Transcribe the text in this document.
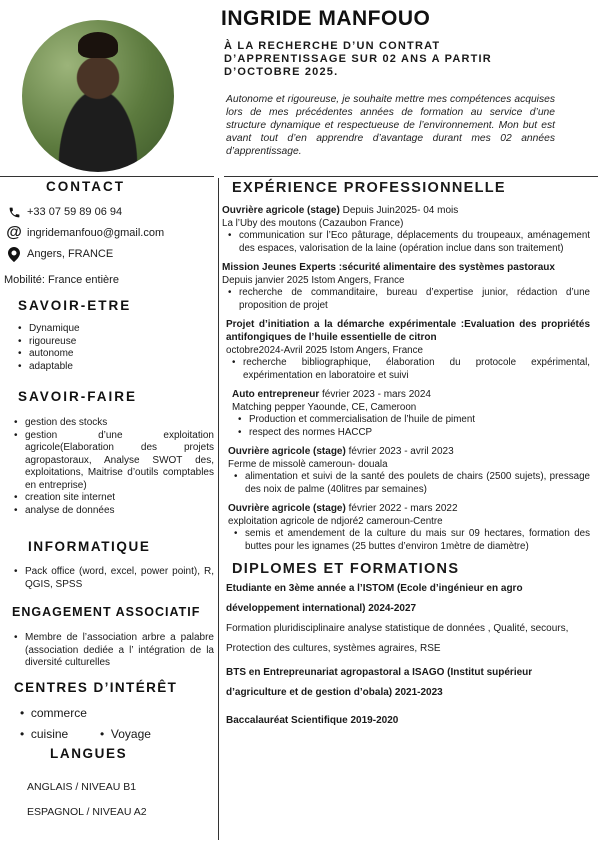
INGRIDE MANFOUO
À LA RECHERCHE D’UN CONTRAT D’APPRENTISSAGE SUR 02 ANS A PARTIR D’OCTOBRE 2025.
Autonome et rigoureuse, je souhaite mettre mes compétences acquises lors de mes précédentes années de formation au service d’une structure dynamique et respectueuse de l’environnement. Mon but est avant tout d’en apprendre d’avantage durant mes 02 années d’apprentissage.
CONTACT
+33 07 59 89 06 94
@ ingridemanfouo@gmail.com
Angers, FRANCE
Mobilité: France entière
SAVOIR-ETRE
• Dynamique
• rigoureuse
• autonome
• adaptable
SAVOIR-FAIRE
• gestion des stocks
• gestion d’une exploitation agricole(Elaboration des projets agropastoraux, Analyse SWOT des, exploitations, Maitrise d’outils comptables en entreprise)
• creation site internet
• analyse de données
INFORMATIQUE
• Pack office (word, excel, power point), R, QGIS, SPSS
ENGAGEMENT ASSOCIATIF
• Membre de l’association arbre a palabre (association dediée a l’ intégration de la diversité culturelles
CENTRES D’INTÉRÊT
•  commerce
•  cuisine	•  Voyage
LANGUES
ANGLAIS / NIVEAU B1
ESPAGNOL / NIVEAU A2
EXPÉRIENCE PROFESSIONNELLE
Ouvrière agricole (stage) Depuis Juin2025- 04 mois
La l’Uby des moutons (Cazaubon France)
• communication sur l’Eco pâturage, déplacements du troupeaux, aménagement des espaces, valorisation de la laine (opération inclue dans son traitement)
Mission Jeunes Experts :sécurité alimentaire des systèmes pastoraux
Depuis janvier 2025 Istom Angers, France
• recherche de commanditaire, bureau d’expertise junior, rédaction d’une proposition de projet
Projet d’initiation a la démarche expérimentale :Evaluation des propriétés antifongiques de l’huile essentielle de citron
octobre2024-Avril 2025 Istom Angers, France
• recherche bibliographique, élaboration du protocole expérimental, expérimentation en laboratoire et suivi
Auto entrepreneur février 2023 - mars 2024
Matching pepper Yaounde, CE, Cameroon
• Production et commercialisation de l’huile de piment
• respect des normes HACCP
Ouvrière agricole (stage) février 2023 - avril 2023
Ferme de missolè cameroun- douala
• alimentation et suivi de la santé des poulets de chairs (2500 sujets), pressage des noix de palme (40litres par semaines)
Ouvrière agricole (stage) février 2022 - mars 2022
exploitation agricole de ndjoré2 cameroun-Centre
• semis et amendement de la culture du mais sur 09 hectares, formation des buttes pour les ignames (25 buttes d’environ 1mètre de diamètre)
DIPLOMES ET FORMATIONS
Etudiante en 3ème année a l’ISTOM (Ecole d’ingénieur en agro développement international) 2024-2027
Formation pluridisciplinaire analyse statistique de données , Qualité, secours, Protection des cultures, systèmes agraires, RSE
BTS en Entrepreunariat agropastoral a ISAGO (Institut supérieur d’agriculture et de gestion d’obala) 2021-2023
Baccalauréat Scientifique 2019-2020
